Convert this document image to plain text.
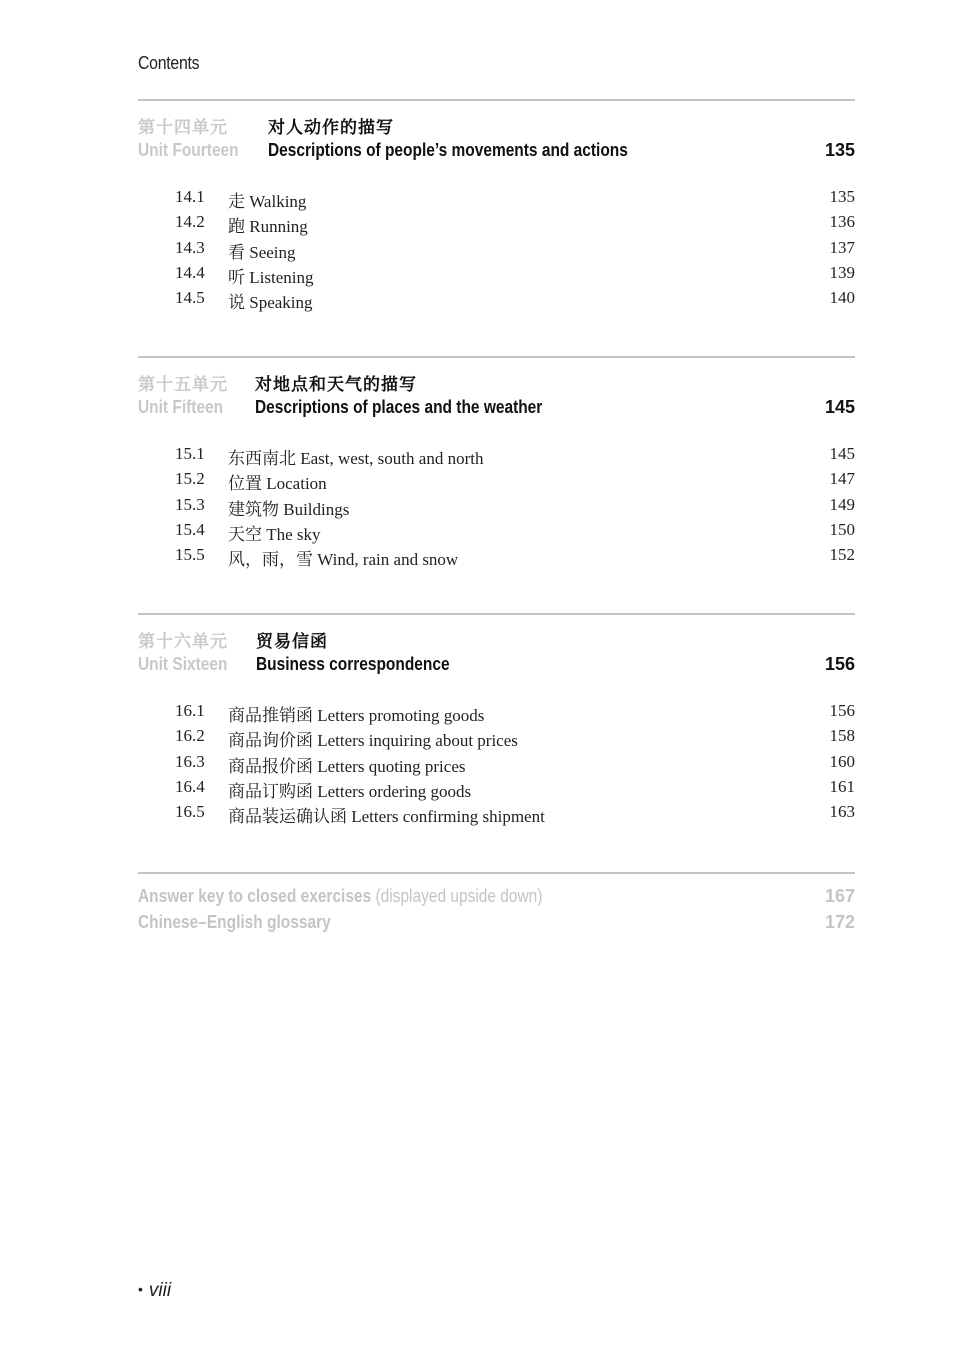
Contents
第十四单元
Unit Fourteen
对人动作的描写
Descriptions of people’s movements and actions	135
14.1 走 Walking	135
14.2 跑 Running	136
14.3 看 Seeing	137
14.4 听 Listening	139
14.5 说 Speaking	140
第十五单元
Unit Fifteen
对地点和天气的描写
Descriptions of places and the weather	145
15.1 东西南北 East, west, south and north	145
15.2 位置 Location	147
15.3 建筑物 Buildings	149
15.4 天空 The sky	150
15.5 风，雨，雪 Wind, rain and snow	152
第十六单元
Unit Sixteen
贸易信函
Business correspondence	156
16.1 商品推销函 Letters promoting goods	156
16.2 商品询价函 Letters inquiring about prices	158
16.3 商品报价函 Letters quoting prices	160
16.4 商品订购函 Letters ordering goods	161
16.5 商品装运确认函 Letters confirming shipment	163
Answer key to closed exercises (displayed upside down)	167
Chinese–English glossary	172
• viii
